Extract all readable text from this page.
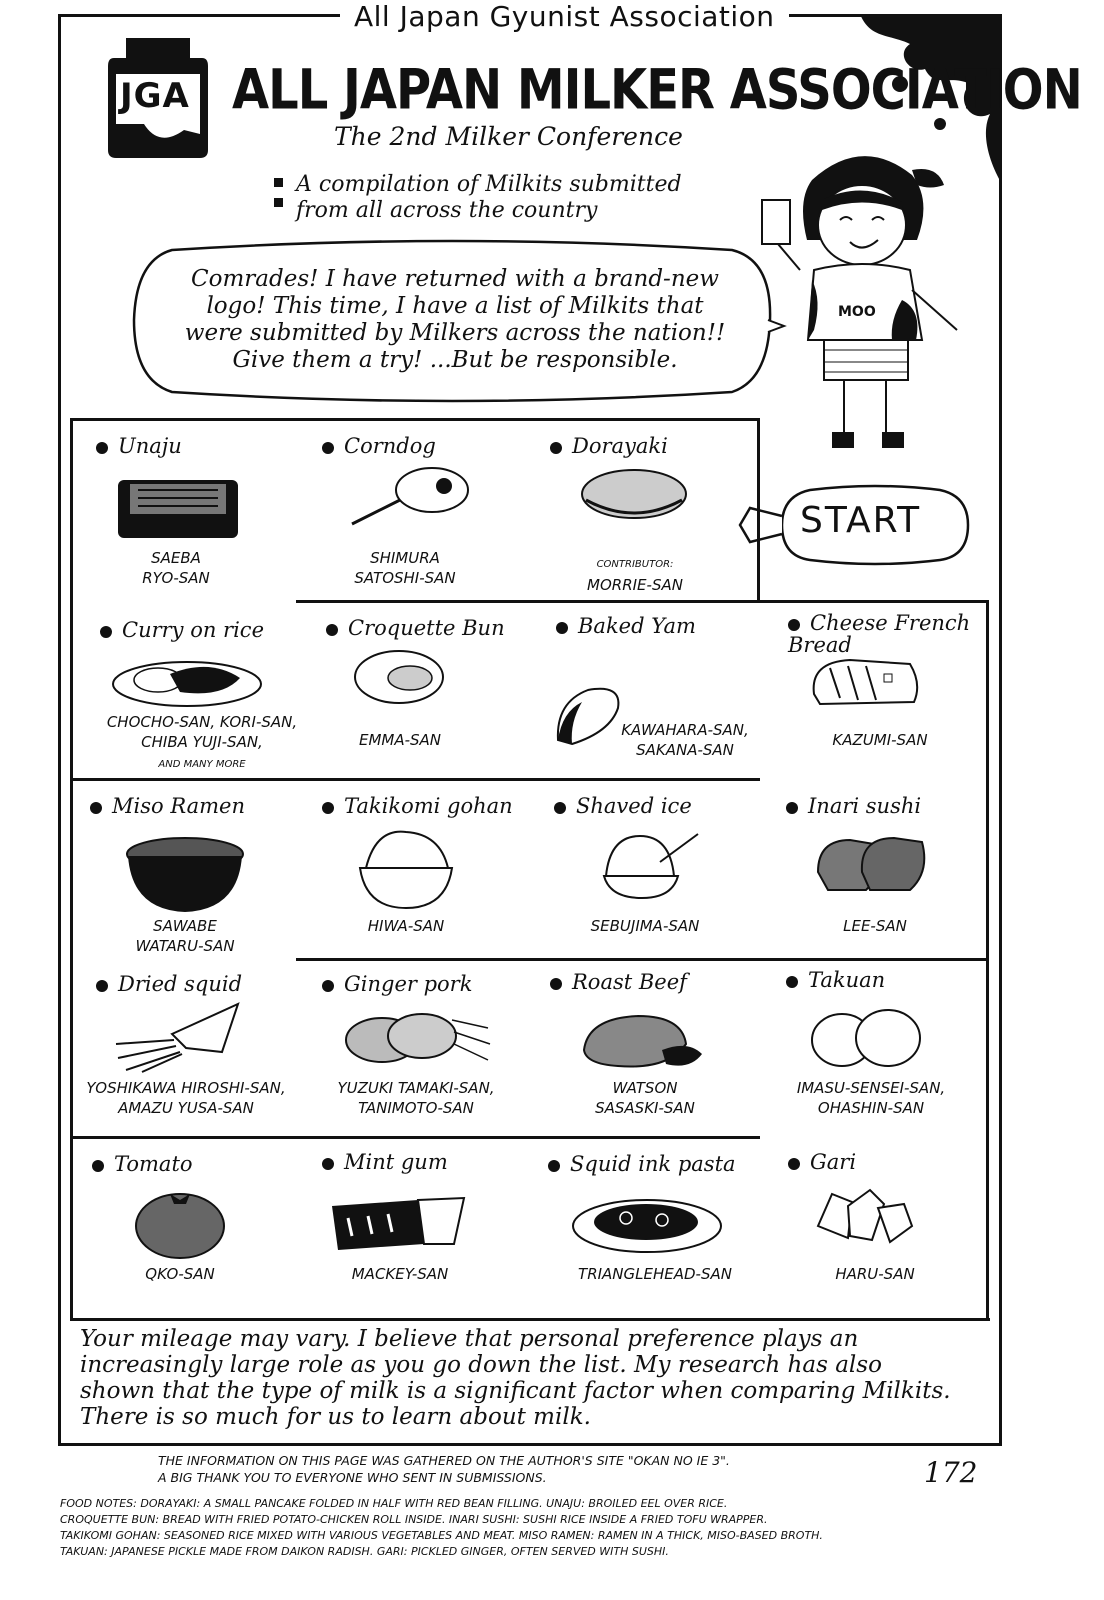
All Japan Gyunist Association
JGA ALL JAPAN MILKER ASSOCIATION
The 2nd Milker Conference
A compilation of Milkits submitted
from all across the country
Comrades! I have returned with a brand-new
logo! This time, I have a list of Milkits that
were submitted by Milkers across the nation!!
Give them a try! ...But be responsible.
MOO
START
Unaju
SAEBA
RYO-SAN
Corndog
SHIMURA
SATOSHI-SAN
Dorayaki
CONTRIBUTOR:
MORRIE-SAN
Curry on rice
CHOCHO-SAN, KORI-SAN,
CHIBA YUJI-SAN,
AND MANY MORE
Croquette Bun
EMMA-SAN
Baked Yam
KAWAHARA-SAN,
SAKANA-SAN
Cheese French Bread
KAZUMI-SAN
Miso Ramen
SAWABE
WATARU-SAN
Takikomi gohan
HIWA-SAN
Shaved ice
SEBUJIMA-SAN
Inari sushi
LEE-SAN
Dried squid
YOSHIKAWA HIROSHI-SAN,
AMAZU YUSA-SAN
Ginger pork
YUZUKI TAMAKI-SAN,
TANIMOTO-SAN
Roast Beef
WATSON
SASASKI-SAN
Takuan
IMASU-SENSEI-SAN,
OHASHIN-SAN
Tomato
QKO-SAN
Mint gum
MACKEY-SAN
Squid ink pasta
TRIANGLEHEAD-SAN
Gari
HARU-SAN
Your mileage may vary. I believe that personal preference plays an increasingly large role as you go down the list. My research has also shown that the type of milk is a significant factor when comparing Milkits. There is so much for us to learn about milk.
THE INFORMATION ON THIS PAGE WAS GATHERED ON THE AUTHOR'S SITE "OKAN NO IE 3".
A BIG THANK YOU TO EVERYONE WHO SENT IN SUBMISSIONS.	172
FOOD NOTES: DORAYAKI: A SMALL PANCAKE FOLDED IN HALF WITH RED BEAN FILLING. UNAJU: BROILED EEL OVER RICE.
CROQUETTE BUN: BREAD WITH FRIED POTATO-CHICKEN ROLL INSIDE. INARI SUSHI: SUSHI RICE INSIDE A FRIED TOFU WRAPPER.
TAKIKOMI GOHAN: SEASONED RICE MIXED WITH VARIOUS VEGETABLES AND MEAT. MISO RAMEN: RAMEN IN A THICK, MISO-BASED BROTH.
TAKUAN: JAPANESE PICKLE MADE FROM DAIKON RADISH. GARI: PICKLED GINGER, OFTEN SERVED WITH SUSHI.
